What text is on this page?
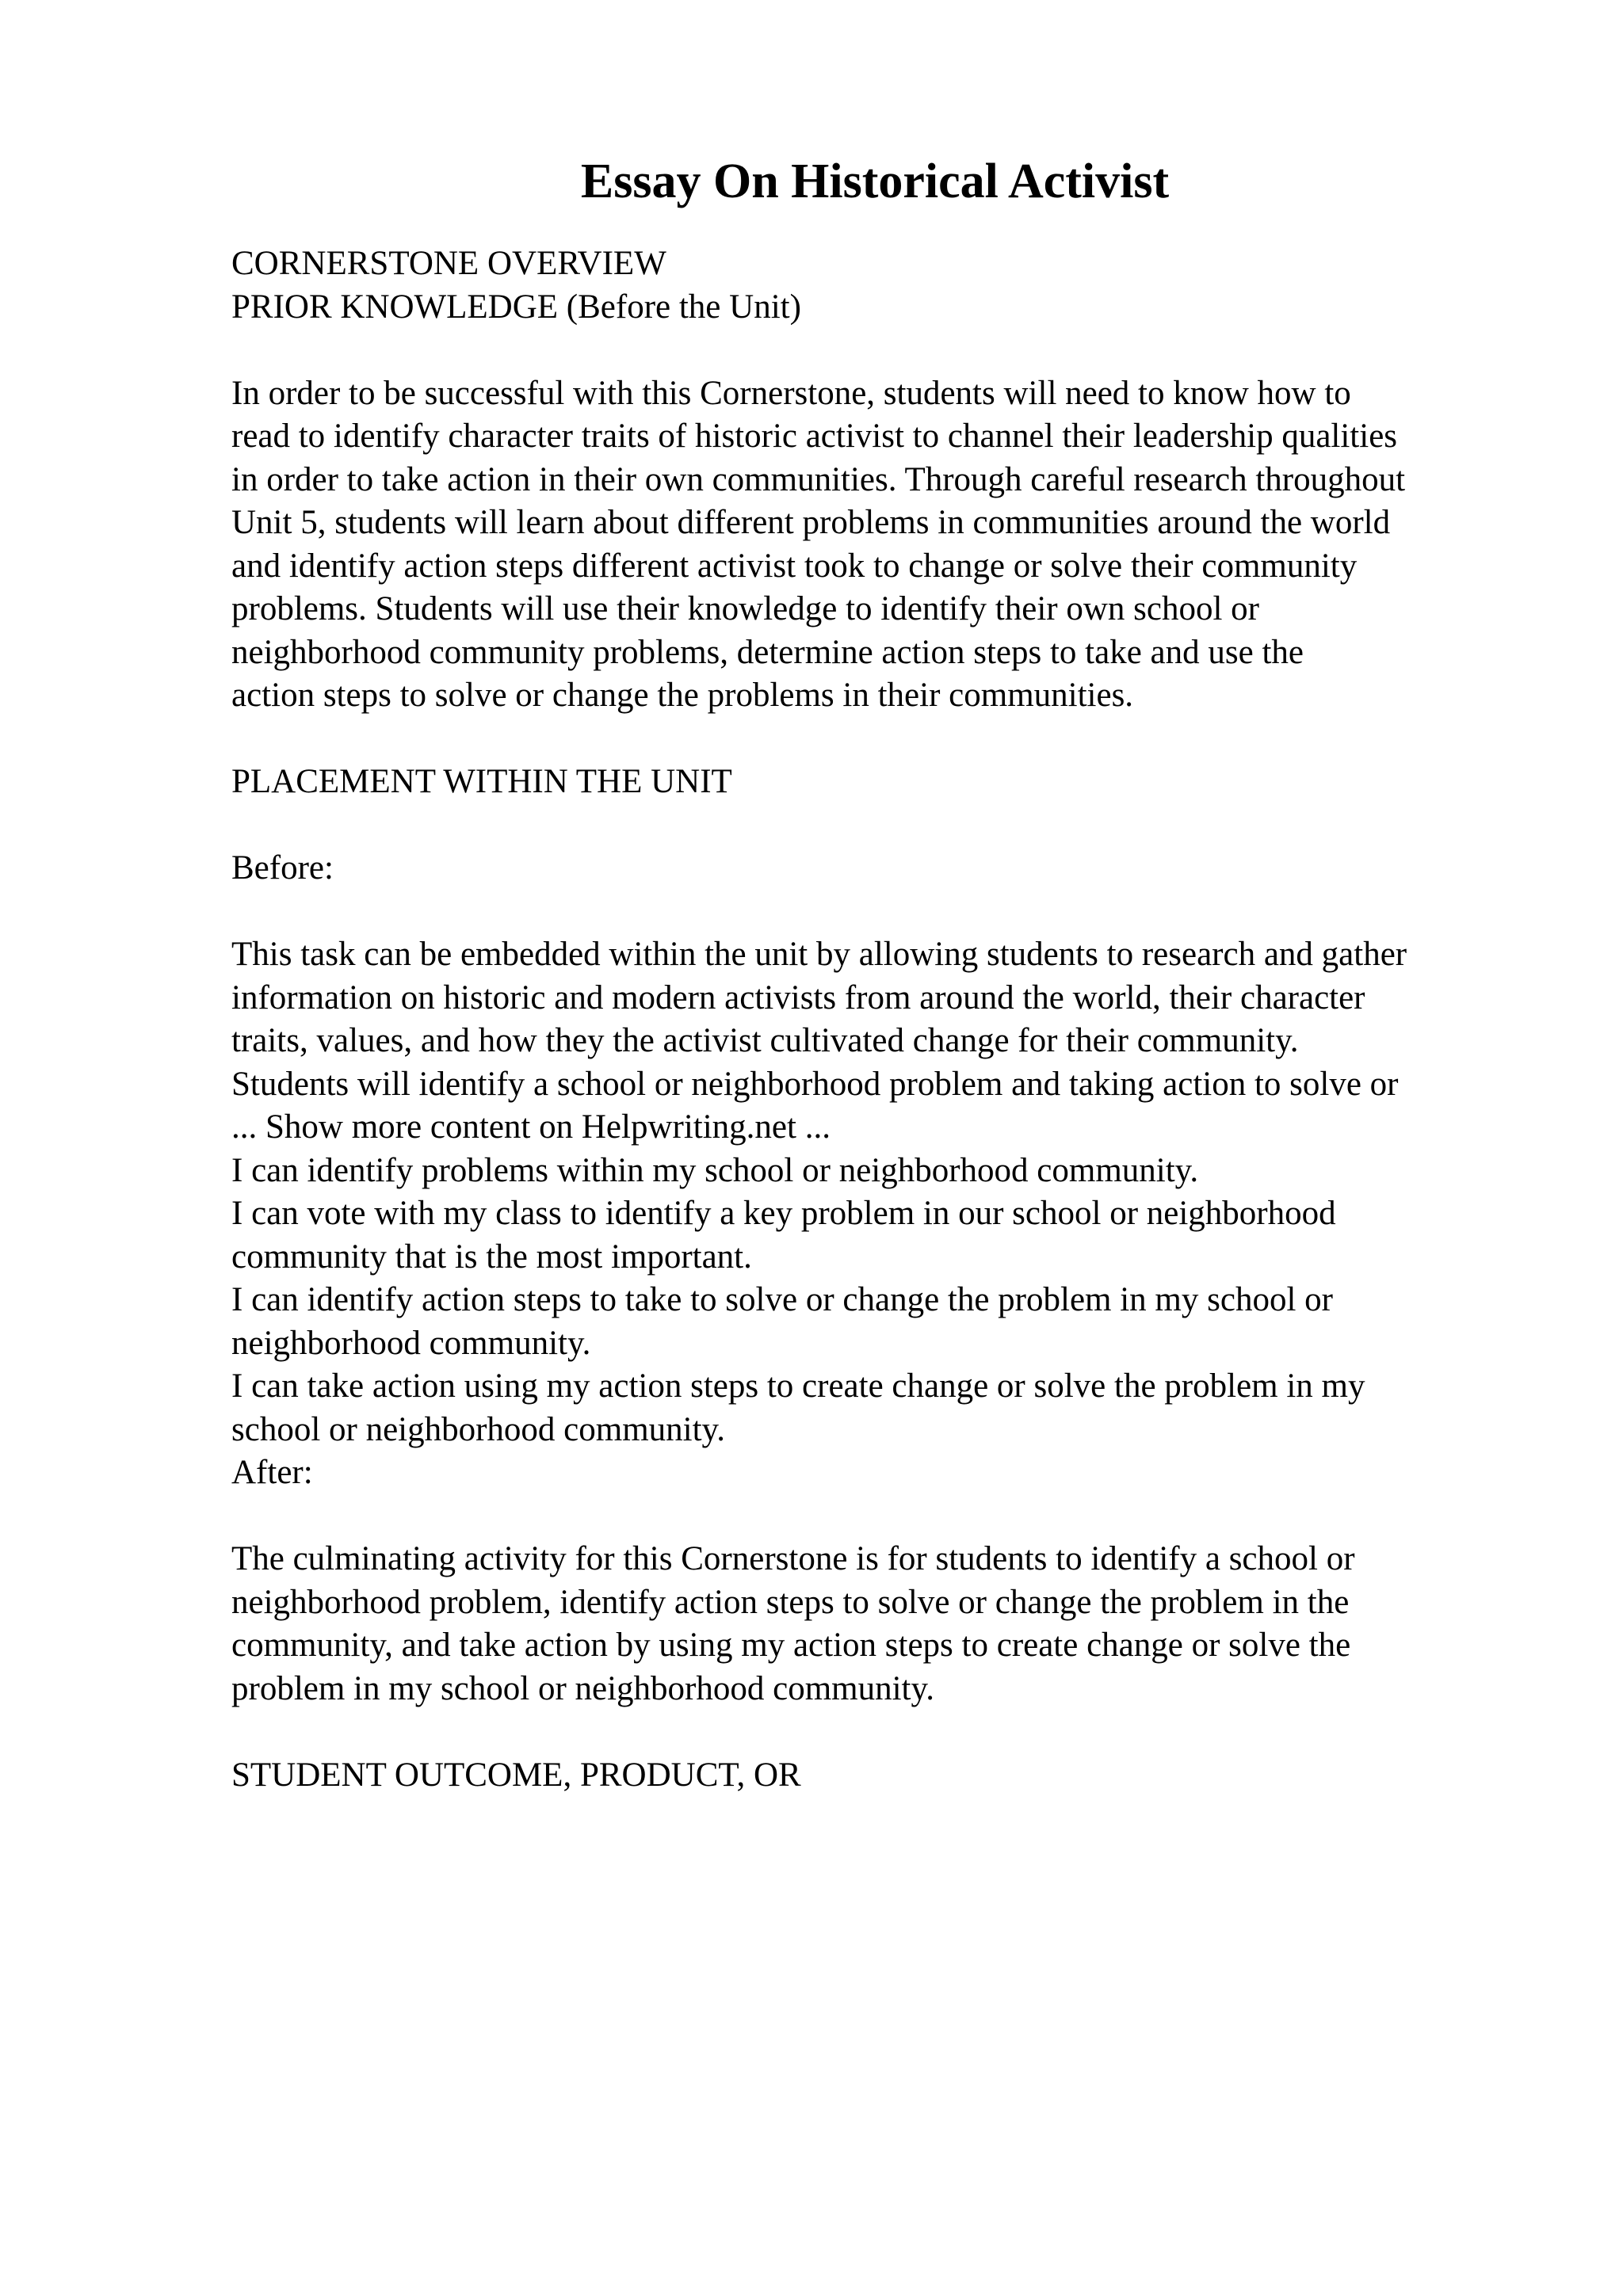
Essay On Historical Activist
CORNERSTONE OVERVIEW
PRIOR KNOWLEDGE (Before the Unit)
In order to be successful with this Cornerstone, students will need to know how to
read to identify character traits of historic activist to channel their leadership qualities
in order to take action in their own communities. Through careful research throughout
Unit 5, students will learn about different problems in communities around the world
and identify action steps different activist took to change or solve their community
problems. Students will use their knowledge to identify their own school or
neighborhood community problems, determine action steps to take and use the
action steps to solve or change the problems in their communities.
PLACEMENT WITHIN THE UNIT
Before:
This task can be embedded within the unit by allowing students to research and gather
information on historic and modern activists from around the world, their character
traits, values, and how they the activist cultivated change for their community.
Students will identify a school or neighborhood problem and taking action to solve or
... Show more content on Helpwriting.net ...
I can identify problems within my school or neighborhood community.
I can vote with my class to identify a key problem in our school or neighborhood
community that is the most important.
I can identify action steps to take to solve or change the problem in my school or
neighborhood community.
I can take action using my action steps to create change or solve the problem in my
school or neighborhood community.
After:
The culminating activity for this Cornerstone is for students to identify a school or
neighborhood problem, identify action steps to solve or change the problem in the
community, and take action by using my action steps to create change or solve the
problem in my school or neighborhood community.
STUDENT OUTCOME, PRODUCT, OR
